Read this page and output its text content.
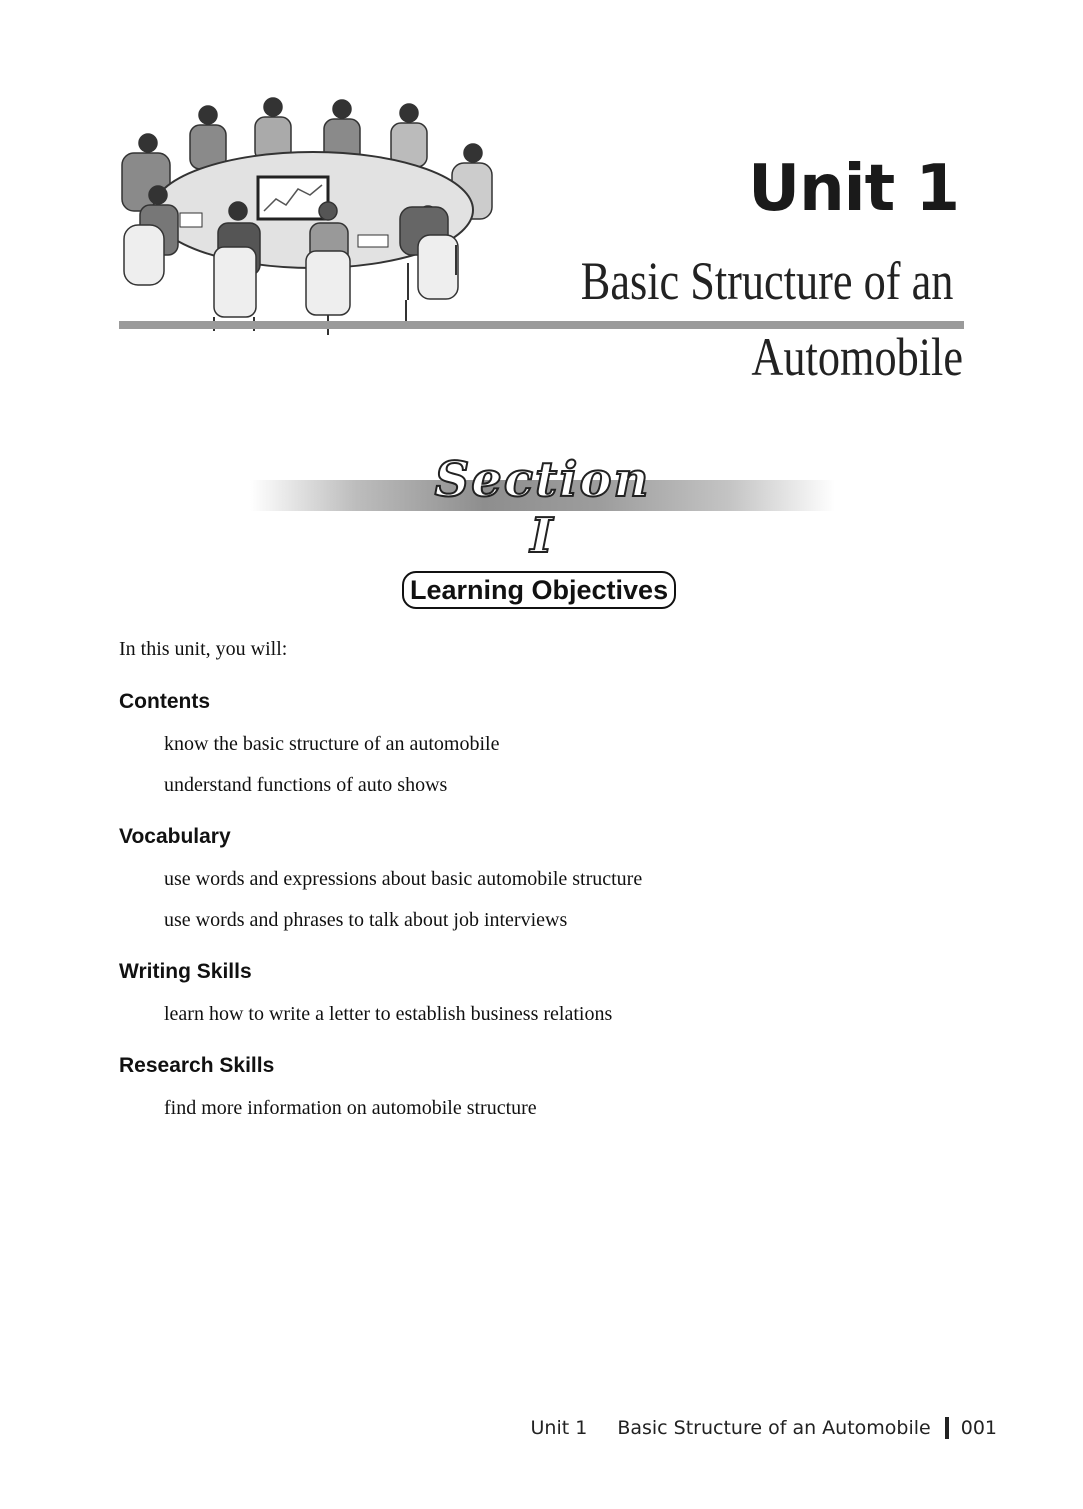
Unit 1
Basic Structure of an
Automobile
Section I
Learning Objectives

In this unit, you will:

Contents

know the basic structure of an automobile

understand functions of auto shows

Vocabulary

use words and expressions about basic automobile structure

use words and phrases to talk about job interviews

Writing Skills

learn how to write a letter to establish business relations

Research Skills

find more information on automobile structure

Unit 1 Basic Structure of an Automobile 001
